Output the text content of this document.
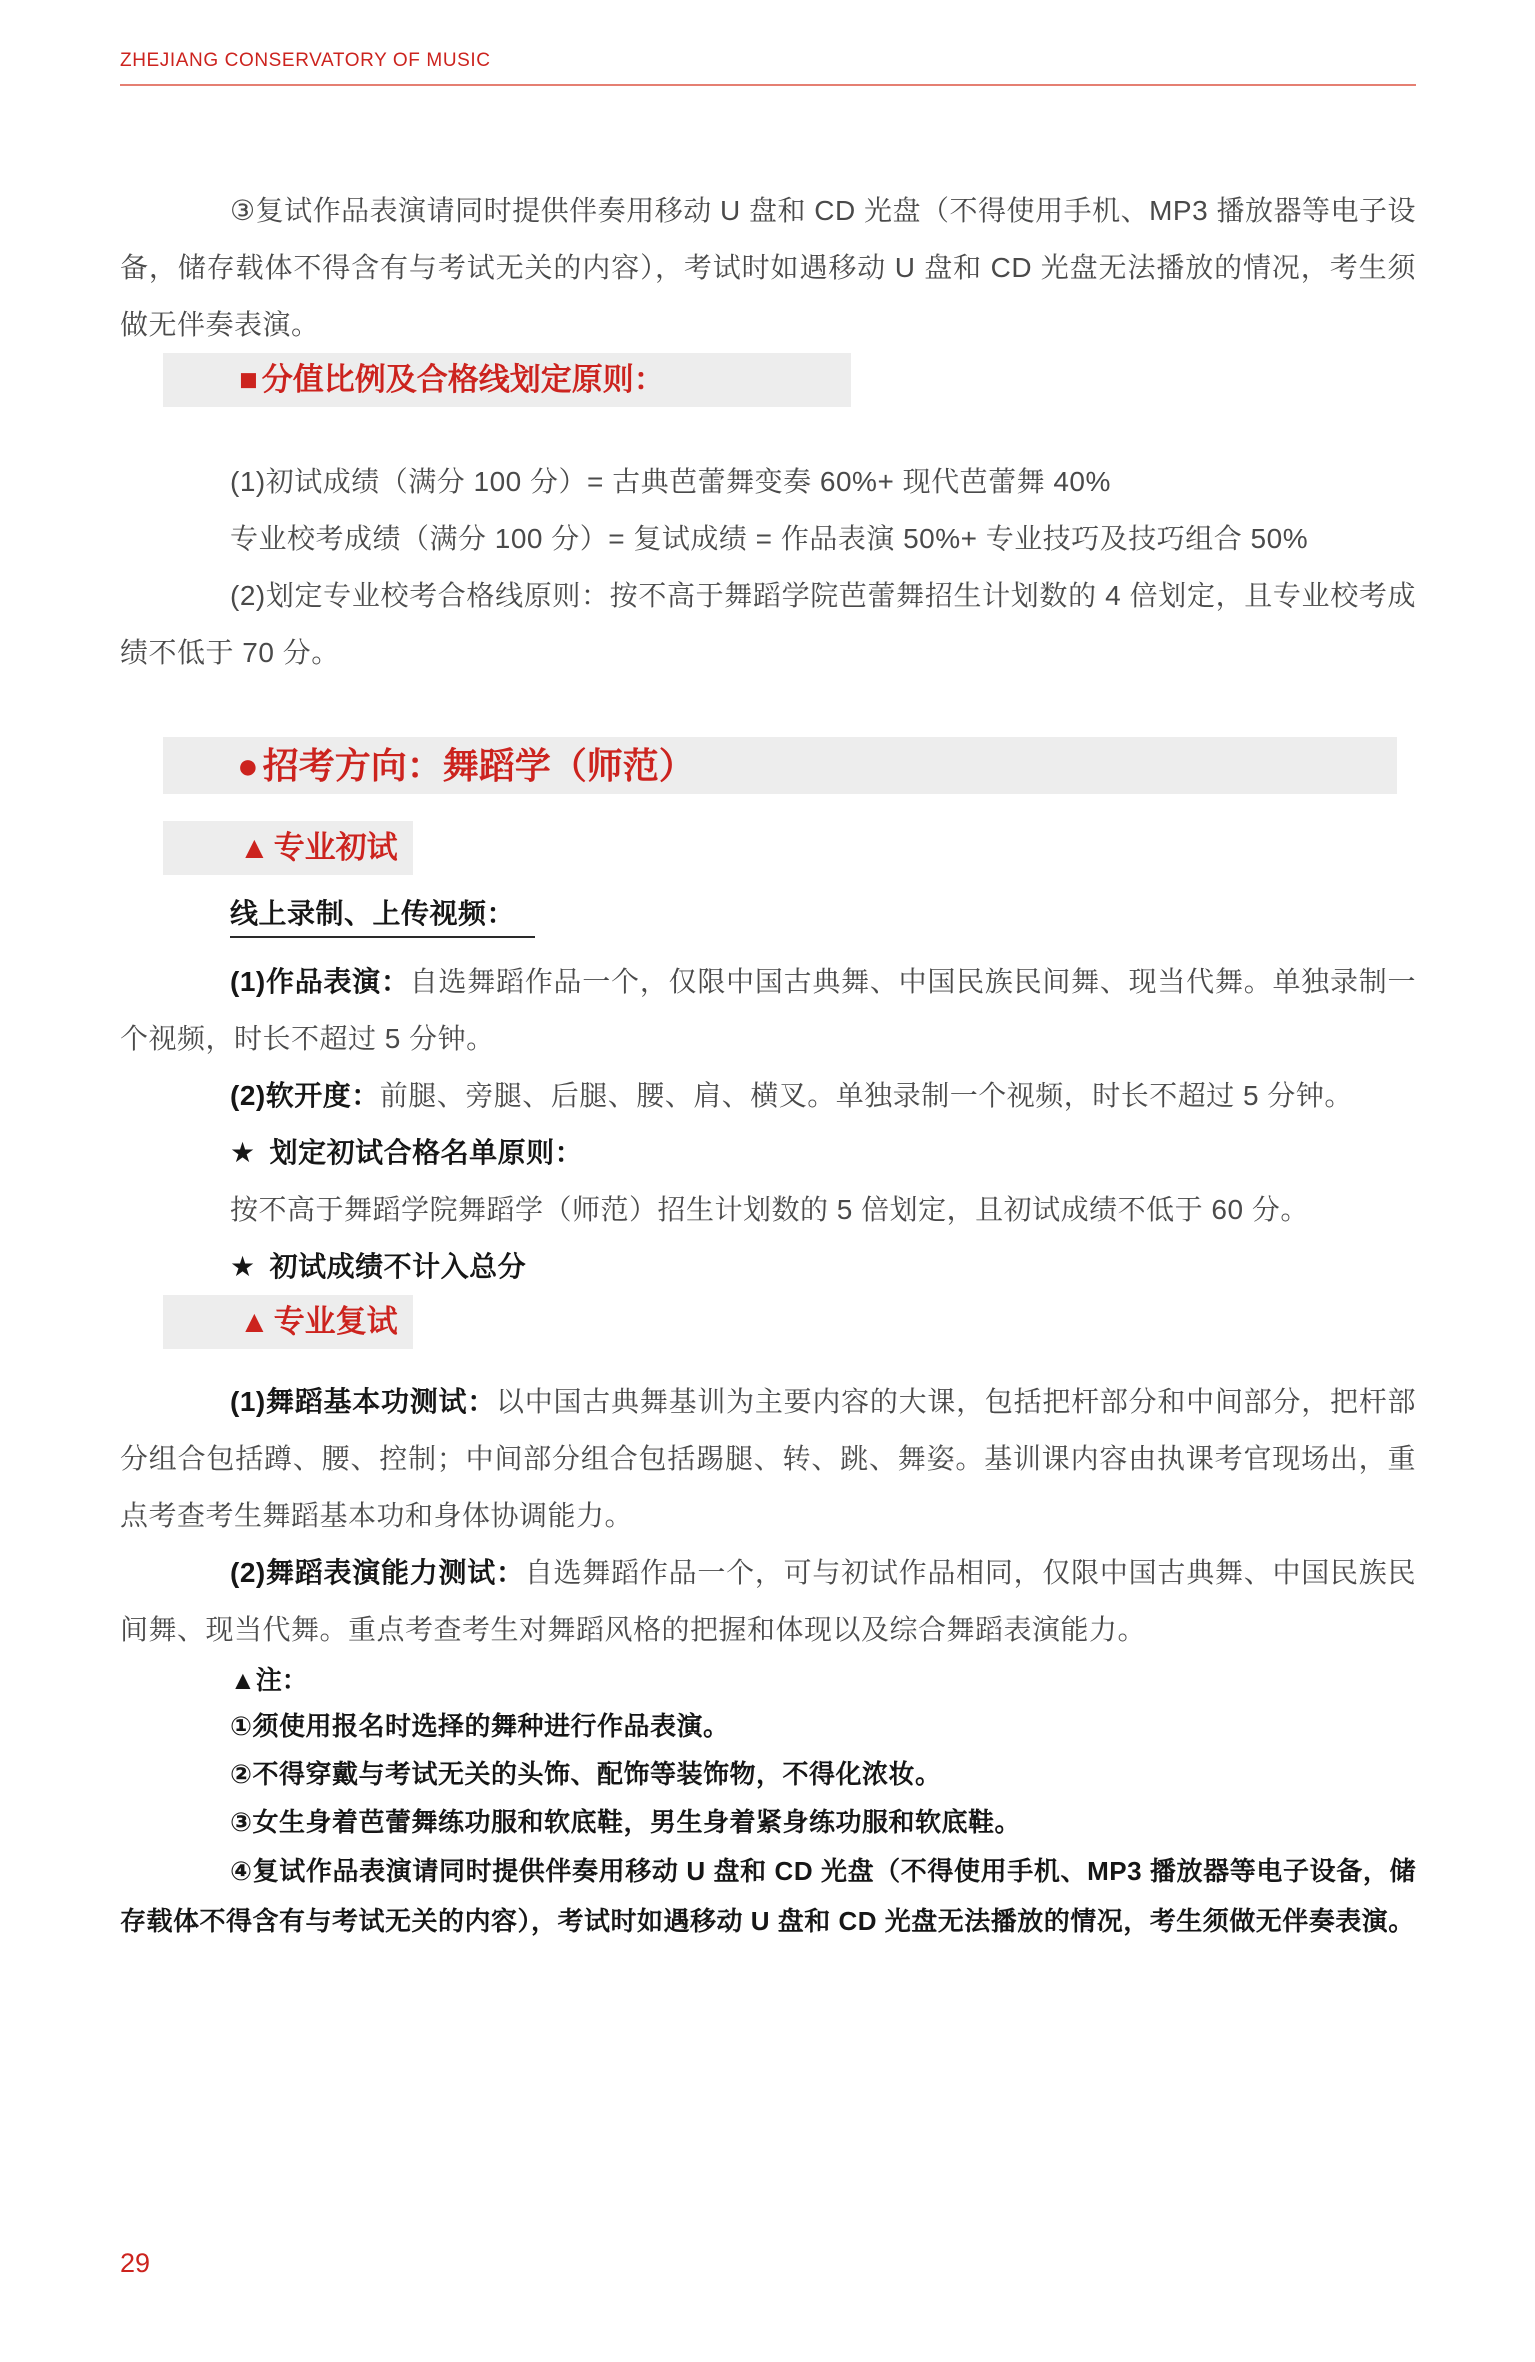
ZHEJIANG CONSERVATORY OF MUSIC

③复试作品表演请同时提供伴奏用移动 U 盘和 CD 光盘（不得使用手机、MP3 播放器等电子设备，储存载体不得含有与考试无关的内容），考试时如遇移动 U 盘和 CD 光盘无法播放的情况，考生须做无伴奏表演。

■ 分值比例及合格线划定原则：

(1)初试成绩（满分 100 分）= 古典芭蕾舞变奏 60%+ 现代芭蕾舞 40%

专业校考成绩（满分 100 分）= 复试成绩 = 作品表演 50%+ 专业技巧及技巧组合 50%

(2)划定专业校考合格线原则：按不高于舞蹈学院芭蕾舞招生计划数的 4 倍划定，且专业校考成绩不低于 70 分。

● 招考方向：舞蹈学（师范）
▲ 专业初试

线上录制、上传视频：

(1)作品表演：自选舞蹈作品一个，仅限中国古典舞、中国民族民间舞、现当代舞。单独录制一个视频，时长不超过 5 分钟。

(2)软开度：前腿、旁腿、后腿、腰、肩、横叉。单独录制一个视频，时长不超过 5 分钟。

★ 划定初试合格名单原则：

按不高于舞蹈学院舞蹈学（师范）招生计划数的 5 倍划定，且初试成绩不低于 60 分。

★ 初试成绩不计入总分

▲ 专业复试

(1)舞蹈基本功测试：以中国古典舞基训为主要内容的大课，包括把杆部分和中间部分，把杆部分组合包括蹲、腰、控制；中间部分组合包括踢腿、转、跳、舞姿。基训课内容由执课考官现场出，重点考查考生舞蹈基本功和身体协调能力。

(2)舞蹈表演能力测试：自选舞蹈作品一个，可与初试作品相同，仅限中国古典舞、中国民族民间舞、现当代舞。重点考查考生对舞蹈风格的把握和体现以及综合舞蹈表演能力。

▲注：

①须使用报名时选择的舞种进行作品表演。

②不得穿戴与考试无关的头饰、配饰等装饰物，不得化浓妆。

③女生身着芭蕾舞练功服和软底鞋，男生身着紧身练功服和软底鞋。

④复试作品表演请同时提供伴奏用移动 U 盘和 CD 光盘（不得使用手机、MP3 播放器等电子设备，储存载体不得含有与考试无关的内容），考试时如遇移动 U 盘和 CD 光盘无法播放的情况，考生须做无伴奏表演。

29
